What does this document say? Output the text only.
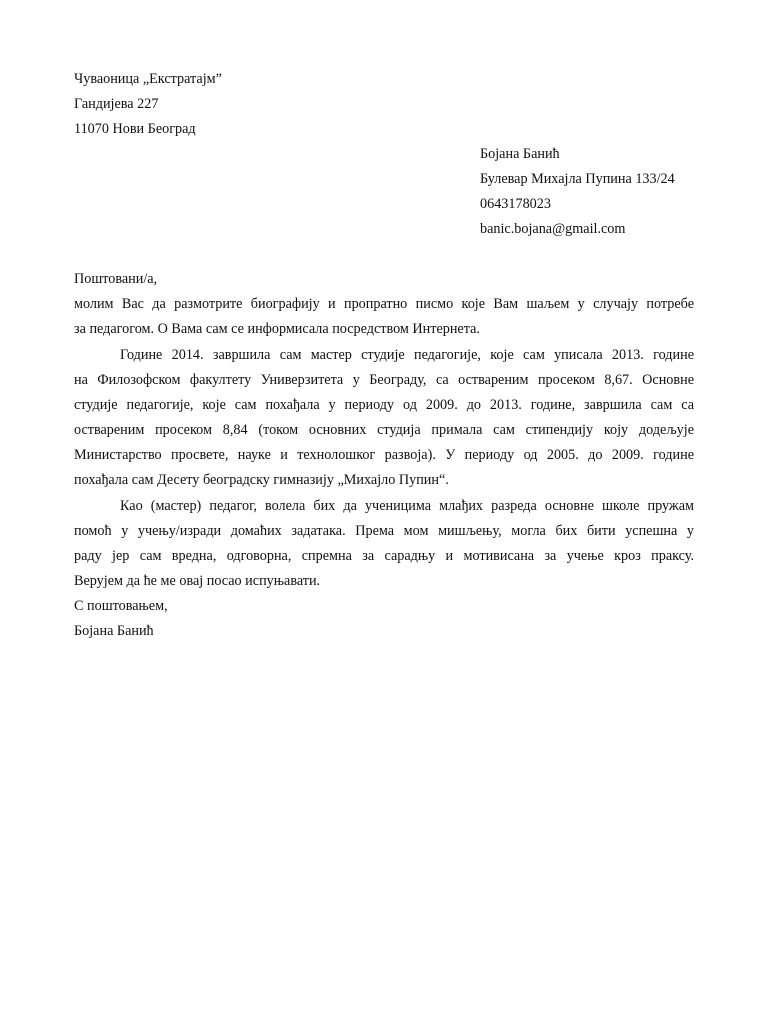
Чуваоница „Екстратајм”
Гандијева 227
11070 Нови Београд
Бојана Банић
Булевар Михајла Пупина 133/24
0643178023
banic.bojana@gmail.com
Поштовани/а,
молим Вас да размотрите биографију и пропратно писмо које Вам шаљем у случају потребе
за педагогом. О Вама сам се информисала посредством Интернета.
Године 2014. завршила сам мастер студије педагогије, које сам уписала 2013. године
на Филозофском факултету Универзитета у Београду, са оствареним просеком 8,67. Основне
студије педагогије, које сам похађала у периоду од 2009. до 2013. године, завршила сам са
оствареним просеком 8,84 (током основних студија примала сам стипендију коју додељује
Министарство просвете, науке и технолошког развоја). У периоду од 2005. до 2009. године
похађала сам Десету београдску гимназију „Михајло Пупин“.
Као (мастер) педагог, волела бих да ученицима млађих разреда основне школе пружам
помоћ у учењу/изради домаћих задатака. Према мом мишљењу, могла бих бити успешна у
раду јер сам вредна, одговорна, спремна за сарадњу и мотивисана за учење кроз праксу.
Верујем да ће ме овај посао испуњавати.
С поштовањем,
Бојана Банић
